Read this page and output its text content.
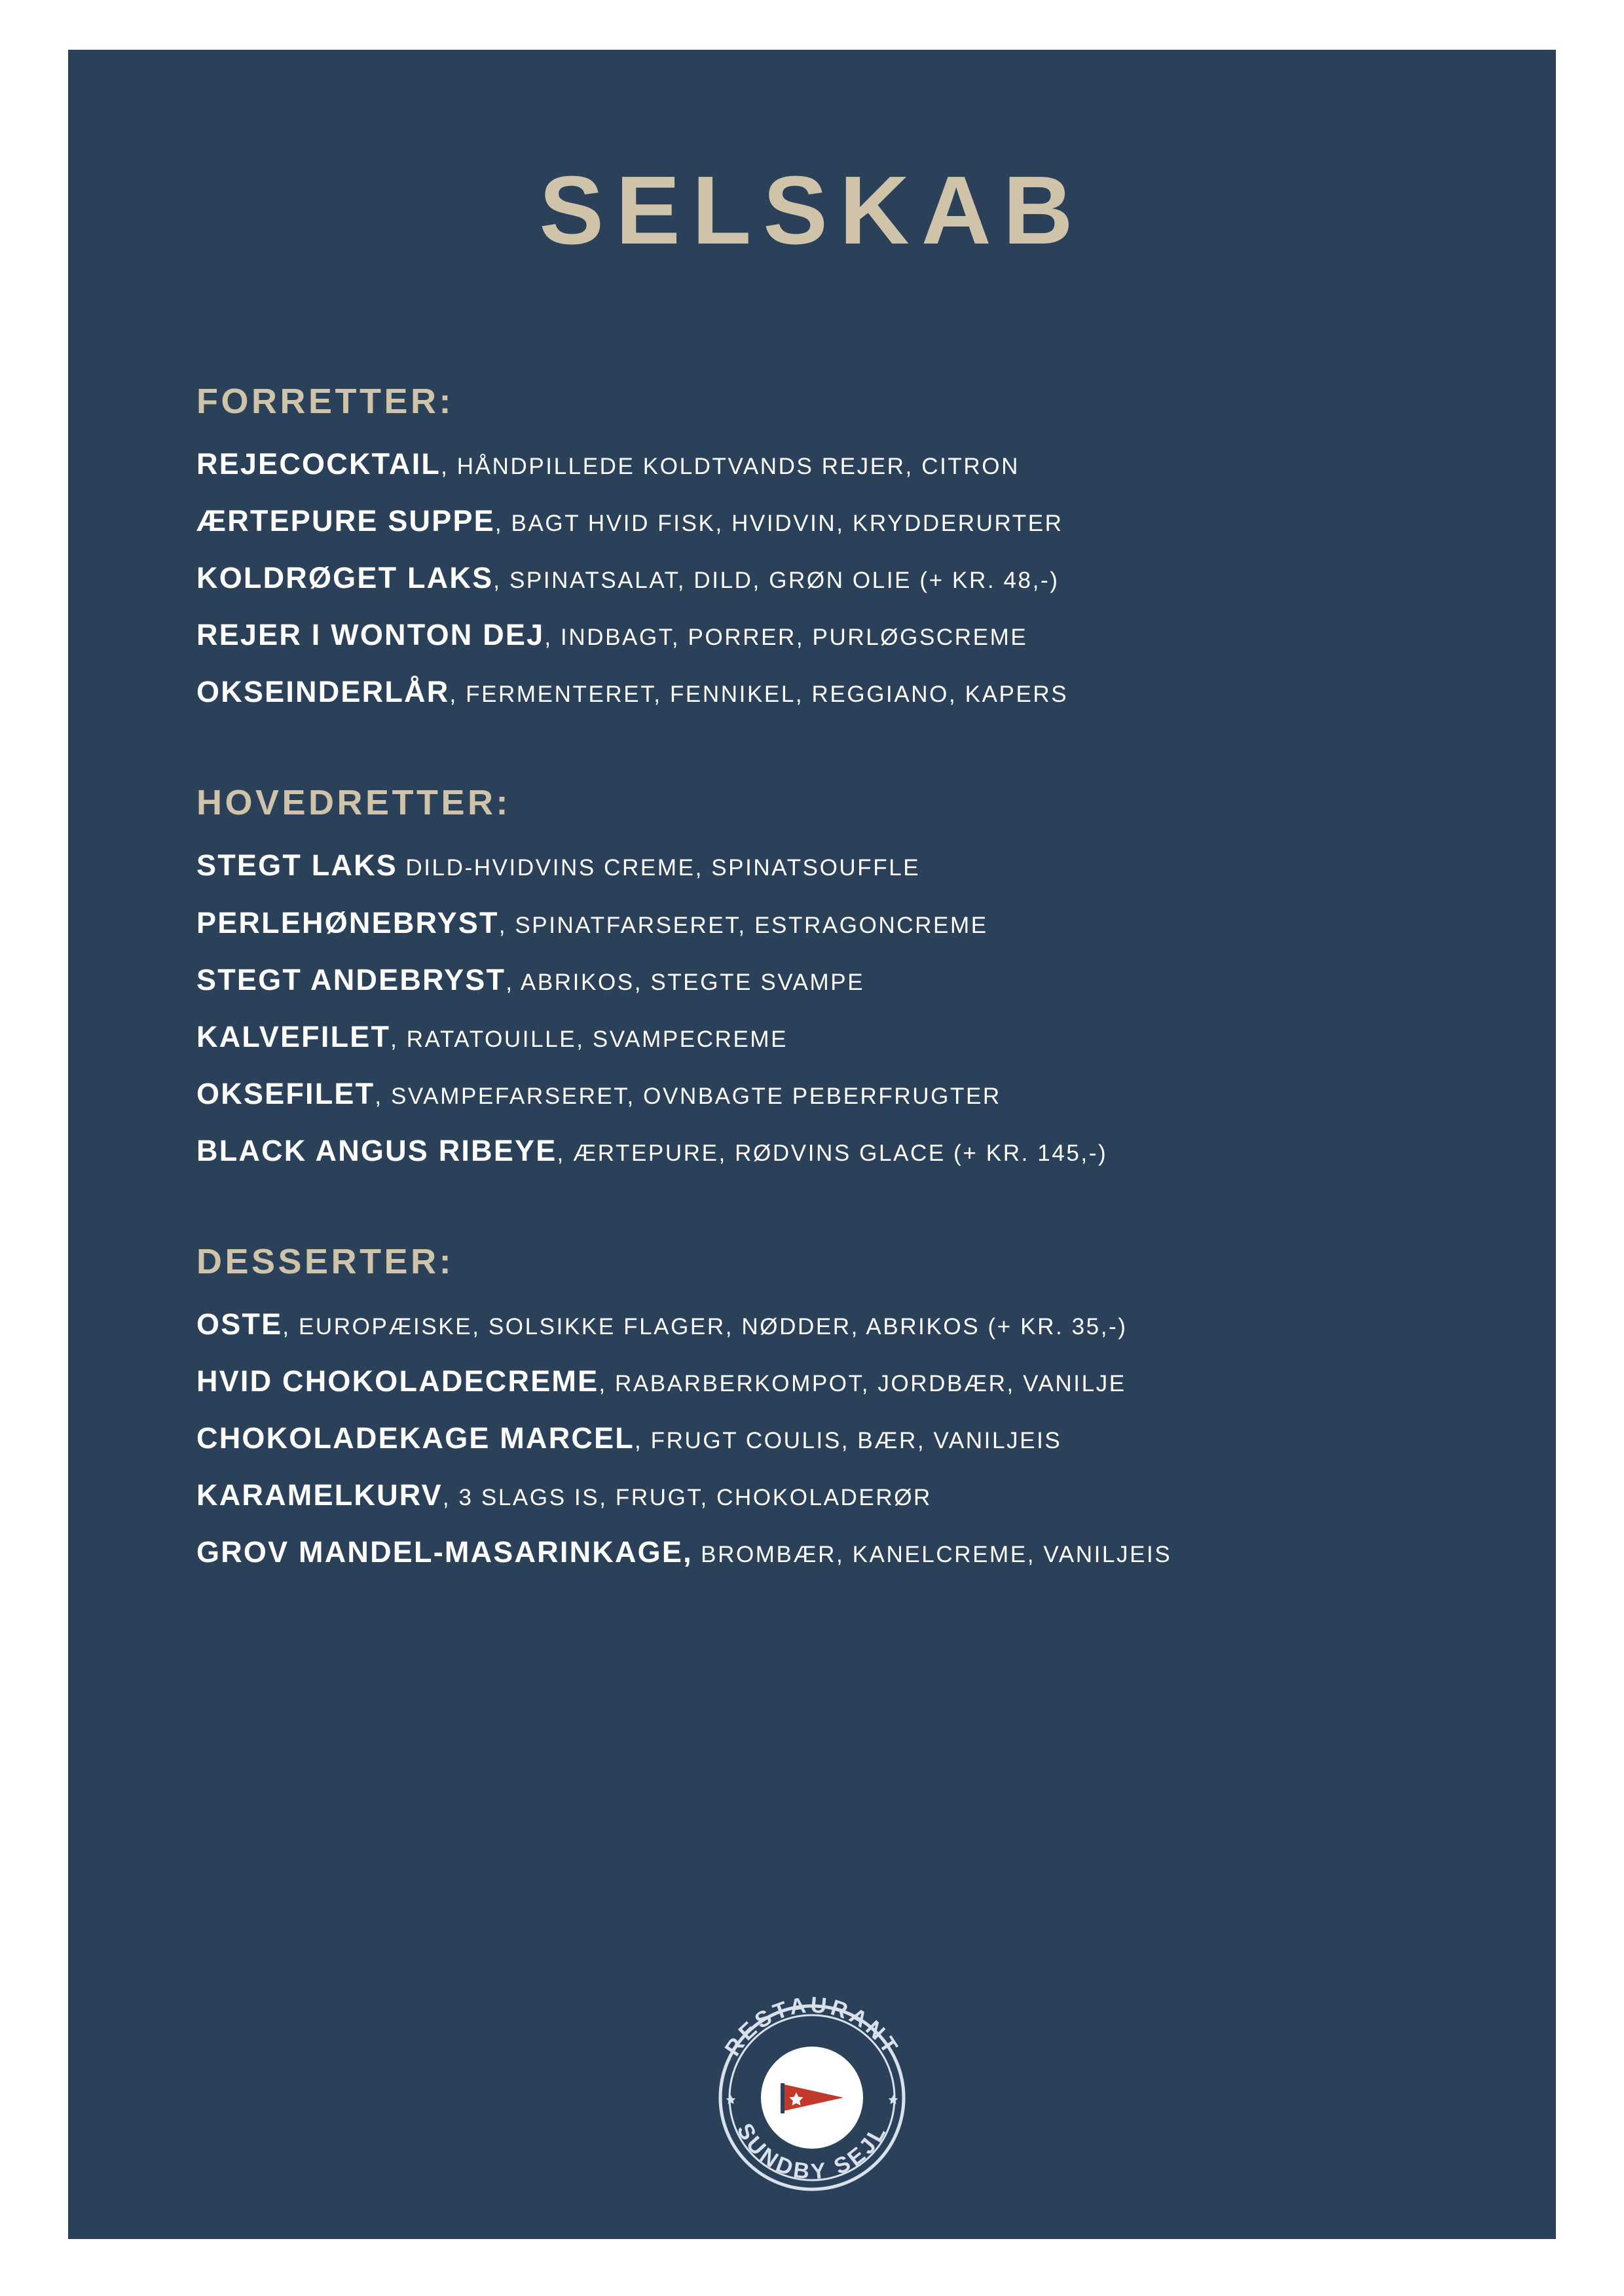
SELSKAB
FORRETTER:

REJECOCKTAIL, HÅNDPILLEDE KOLDTVANDS REJER, CITRON

ÆRTEPURE SUPPE, BAGT HVID FISK, HVIDVIN, KRYDDERURTER

KOLDRØGET LAKS, SPINATSALAT, DILD, GRØN OLIE (+ KR. 48,-)

REJER I WONTON DEJ, INDBAGT, PORRER, PURLØGSCREME

OKSEINDERLÅR, FERMENTERET, FENNIKEL, REGGIANO, KAPERS

HOVEDRETTER:

STEGT LAKS DILD-HVIDVINS CREME, SPINATSOUFFLE

PERLEHØNEBRYST, SPINATFARSERET, ESTRAGONCREME

STEGT ANDEBRYST, ABRIKOS, STEGTE SVAMPE

KALVEFILET, RATATOUILLE, SVAMPECREME

OKSEFILET, SVAMPEFARSERET, OVNBAGTE PEBERFRUGTER

BLACK ANGUS RIBEYE, ÆRTEPURE, RØDVINS GLACE (+ KR. 145,-)

DESSERTER:

OSTE, EUROPÆISKE, SOLSIKKE FLAGER, NØDDER, ABRIKOS (+ KR. 35,-)

HVID CHOKOLADECREME, RABARBERKOMPOT, JORDBÆR, VANILJE

CHOKOLADEKAGE MARCEL, FRUGT COULIS, BÆR, VANILJEIS

KARAMELKURV, 3 SLAGS IS, FRUGT, CHOKOLADERØR

GROV MANDEL-MASARINKAGE, BROMBÆR, KANELCREME, VANILJEIS

RESTAURANT
SUNDBY SEJL
